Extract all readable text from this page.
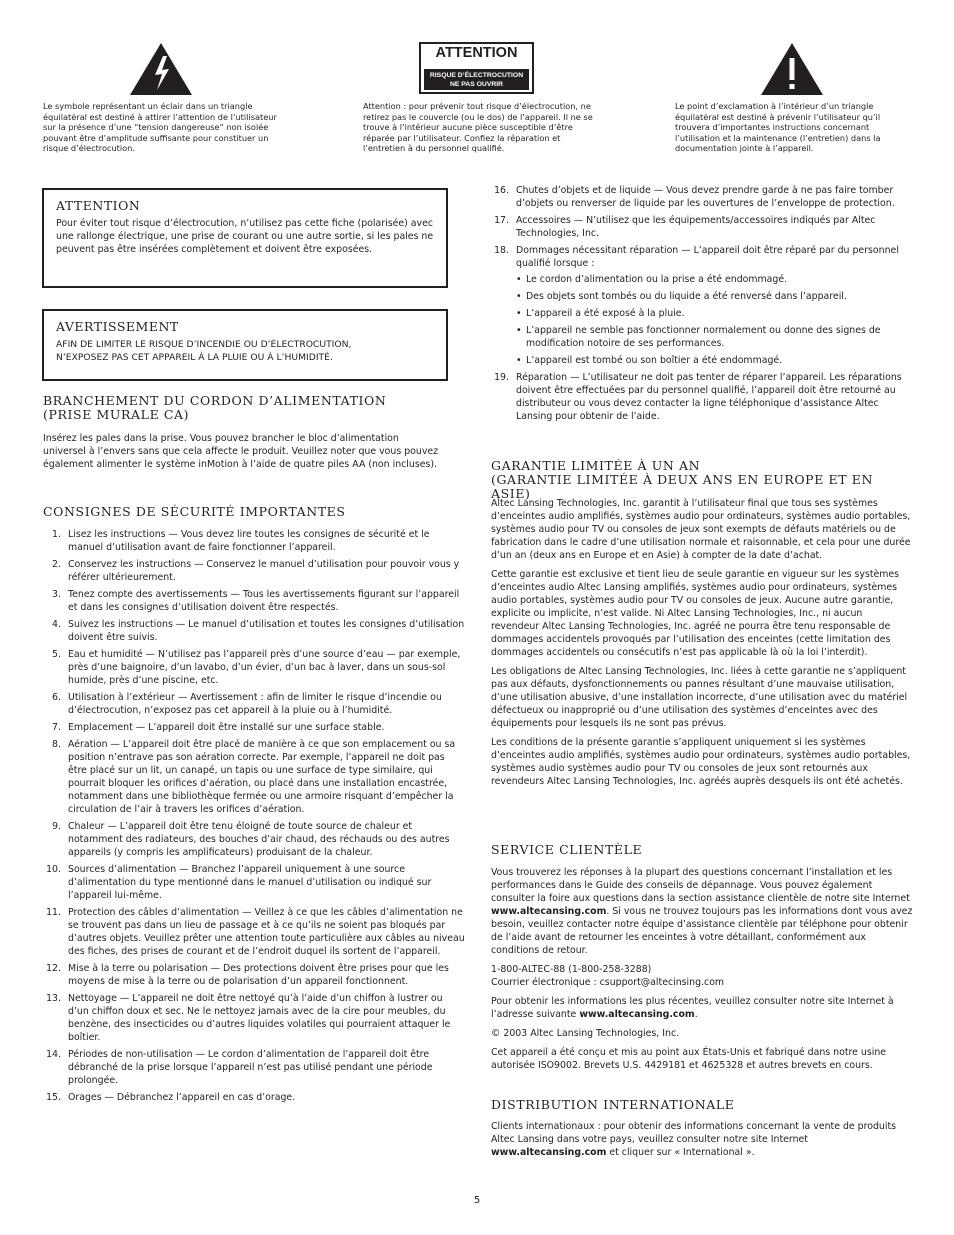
Le symbole représentant un éclair dans un triangle équilatéral est destiné à attirer l’attention de l’utilisateur sur la présence d’une “tension dangereuse” non isolée pouvant être d’amplitude suffisante pour constituer un risque d’électrocution.
ATTENTION
RISQUE D’ÉLECTROCUTION
NE PAS OUVRIR
Attention : pour prévenir tout risque d’électrocution, ne retirez pas le couvercle (ou le dos) de l’appareil. Il ne se trouve à l’intérieur aucune pièce susceptible d’être réparée par l’utilisateur. Confiez la réparation et l’entretien à du personnel qualifié.
Le point d’exclamation à l’intérieur d’un triangle équilatéral est destiné à prévenir l’utilisateur qu’il trouvera d’importantes instructions concernant l’utilisation et la maintenance (l’entretien) dans la documentation jointe à l’appareil.
ATTENTION
Pour éviter tout risque d’électrocution, n’utilisez pas cette fiche (polarisée) avec une rallonge électrique, une prise de courant ou une autre sortie, si les pales ne peuvent pas être insérées complètement et doivent être exposées.
AVERTISSEMENT
AFIN DE LIMITER LE RISQUE D’INCENDIE OU D’ÉLECTROCUTION,
N’EXPOSEZ PAS CET APPAREIL À LA PLUIE OU À L’HUMIDITÉ.
BRANCHEMENT DU CORDON D’ALIMENTATION
(PRISE MURALE CA)
Insérez les pales dans la prise. Vous pouvez brancher le bloc d’alimentation universel à l’envers sans que cela affecte le produit. Veuillez noter que vous pouvez également alimenter le système inMotion à l’aide de quatre piles AA (non incluses).
CONSIGNES DE SÉCURITÉ IMPORTANTES
1. Lisez les instructions — Vous devez lire toutes les consignes de sécurité et le manuel d’utilisation avant de faire fonctionner l’appareil.
2. Conservez les instructions — Conservez le manuel d’utilisation pour pouvoir vous y référer ultérieurement.
3. Tenez compte des avertissements — Tous les avertissements figurant sur l’appareil et dans les consignes d’utilisation doivent être respectés.
4. Suivez les instructions — Le manuel d’utilisation et toutes les consignes d’utilisation doivent être suivis.
5. Eau et humidité — N’utilisez pas l’appareil près d’une source d’eau — par exemple, près d’une baignoire, d’un lavabo, d’un évier, d’un bac à laver, dans un sous-sol humide, près d’une piscine, etc.
6. Utilisation à l’extérieur — Avertissement : afin de limiter le risque d’incendie ou d’électrocution, n’exposez pas cet appareil à la pluie ou à l’humidité.
7. Emplacement — L’appareil doit être installé sur une surface stable.
8. Aération — L’appareil doit être placé de manière à ce que son emplacement ou sa position n’entrave pas son aération correcte. Par exemple, l’appareil ne doit pas être placé sur un lit, un canapé, un tapis ou une surface de type similaire, qui pourrait bloquer les orifices d’aération, ou placé dans une installation encastrée, notamment dans une bibliothèque fermée ou une armoire risquant d’empêcher la circulation de l’air à travers les orifices d’aération.
9. Chaleur — L’appareil doit être tenu éloigné de toute source de chaleur et notamment des radiateurs, des bouches d’air chaud, des réchauds ou des autres appareils (y compris les amplificateurs) produisant de la chaleur.
10. Sources d’alimentation — Branchez l’appareil uniquement à une source d’alimentation du type mentionné dans le manuel d’utilisation ou indiqué sur l’appareil lui-même.
11. Protection des câbles d’alimentation — Veillez à ce que les câbles d’alimentation ne se trouvent pas dans un lieu de passage et à ce qu’ils ne soient pas bloqués par d’autres objets. Veuillez prêter une attention toute particulière aux câbles au niveau des fiches, des prises de courant et de l’endroit duquel ils sortent de l’appareil.
12. Mise à la terre ou polarisation — Des protections doivent être prises pour que les moyens de mise à la terre ou de polarisation d’un appareil fonctionnent.
13. Nettoyage — L’appareil ne doit être nettoyé qu’à l’aide d’un chiffon à lustrer ou d’un chiffon doux et sec. Ne le nettoyez jamais avec de la cire pour meubles, du benzène, des insecticides ou d’autres liquides volatiles qui pourraient attaquer le boîtier.
14. Périodes de non-utilisation — Le cordon d’alimentation de l’appareil doit être débranché de la prise lorsque l’appareil n’est pas utilisé pendant une période prolongée.
15. Orages — Débranchez l’appareil en cas d’orage.
16. Chutes d’objets et de liquide — Vous devez prendre garde à ne pas faire tomber d’objets ou renverser de liquide par les ouvertures de l’enveloppe de protection.
17. Accessoires — N’utilisez que les équipements/accessoires indiqués par Altec Technologies, Inc.
18. Dommages nécessitant réparation — L’appareil doit être réparé par du personnel qualifié lorsque :
• Le cordon d’alimentation ou la prise a été endommagé.
• Des objets sont tombés ou du liquide a été renversé dans l’appareil.
• L’appareil a été exposé à la pluie.
• L’appareil ne semble pas fonctionner normalement ou donne des signes de modification notoire de ses performances.
• L’appareil est tombé ou son boîtier a été endommagé.
19. Réparation — L’utilisateur ne doit pas tenter de réparer l’appareil. Les réparations doivent être effectuées par du personnel qualifié, l’appareil doit être retourné au distributeur ou vous devez contacter la ligne téléphonique d’assistance Altec Lansing pour obtenir de l’aide.
GARANTIE LIMITÉE À UN AN
(GARANTIE LIMITÉE À DEUX ANS EN EUROPE ET EN ASIE)
Altec Lansing Technologies, Inc. garantit à l’utilisateur final que tous ses systèmes d’enceintes audio amplifiés, systèmes audio pour ordinateurs, systèmes audio portables, systèmes audio pour TV ou consoles de jeux sont exempts de défauts matériels ou de fabrication dans le cadre d’une utilisation normale et raisonnable, et cela pour une durée d’un an (deux ans en Europe et en Asie) à compter de la date d’achat.
Cette garantie est exclusive et tient lieu de seule garantie en vigueur sur les systèmes d’enceintes audio Altec Lansing amplifiés, systèmes audio pour ordinateurs, systèmes audio portables, systèmes audio pour TV ou consoles de jeux. Aucune autre garantie, explicite ou implicite, n’est valide. Ni Altec Lansing Technologies, Inc., ni aucun revendeur Altec Lansing Technologies, Inc. agréé ne pourra être tenu responsable de dommages accidentels provoqués par l’utilisation des enceintes (cette limitation des dommages accidentels ou consécutifs n’est pas applicable là où la loi l’interdit).
Les obligations de Altec Lansing Technologies, Inc. liées à cette garantie ne s’appliquent pas aux défauts, dysfonctionnements ou pannes résultant d’une mauvaise utilisation, d’une utilisation abusive, d’une installation incorrecte, d’une utilisation avec du matériel défectueux ou inapproprié ou d’une utilisation des systèmes d’enceintes avec des équipements pour lesquels ils ne sont pas prévus.
Les conditions de la présente garantie s’appliquent uniquement si les systèmes d’enceintes audio amplifiés, systèmes audio pour ordinateurs, systèmes audio portables, systèmes audio systèmes audio pour TV ou consoles de jeux sont retournés aux revendeurs Altec Lansing Technologies, Inc. agréés auprès desquels ils ont été achetés.
SERVICE CLIENTÈLE
Vous trouverez les réponses à la plupart des questions concernant l’installation et les performances dans le Guide des conseils de dépannage. Vous pouvez également consulter la foire aux questions dans la section assistance clientèle de notre site Internet www.altecansing.com. Si vous ne trouvez toujours pas les informations dont vous avez besoin, veuillez contacter notre équipe d’assistance clientèle par téléphone pour obtenir de l’aide avant de retourner les enceintes à votre détaillant, conformément aux conditions de retour.
1-800-ALTEC-88 (1-800-258-3288)
Courrier électronique : csupport@altecinsing.com
Pour obtenir les informations les plus récentes, veuillez consulter notre site Internet à l’adresse suivante www.altecansing.com.
© 2003 Altec Lansing Technologies, Inc.
Cet appareil a été conçu et mis au point aux États-Unis et fabriqué dans notre usine autorisée ISO9002. Brevets U.S. 4429181 et 4625328 et autres brevets en cours.
DISTRIBUTION INTERNATIONALE
Clients internationaux : pour obtenir des informations concernant la vente de produits Altec Lansing dans votre pays, veuillez consulter notre site Internet www.altecansing.com et cliquer sur « International ».
5
